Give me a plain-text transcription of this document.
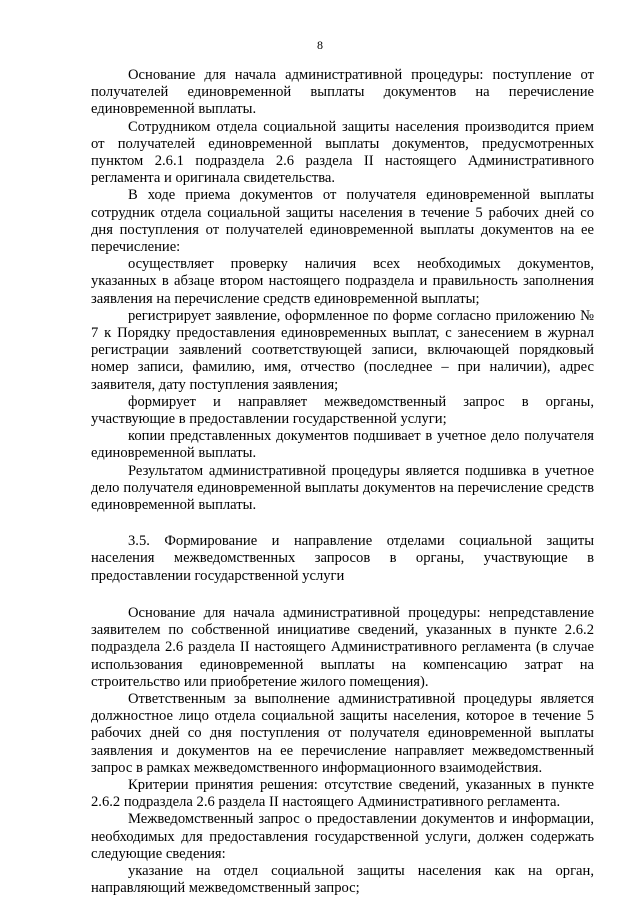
8

Основание для начала административной процедуры: поступление от получателей единовременной выплаты документов на перечисление единовременной выплаты.

Сотрудником отдела социальной защиты населения производится прием от получателей единовременной выплаты документов, предусмотренных пунктом 2.6.1 подраздела 2.6 раздела II настоящего Административного регламента и оригинала свидетельства.

В ходе приема документов от получателя единовременной выплаты сотрудник отдела социальной защиты населения в течение 5 рабочих дней со дня поступления от получателей единовременной выплаты документов на ее перечисление:

осуществляет проверку наличия всех необходимых документов, указанных в абзаце втором настоящего подраздела и правильность заполнения заявления на перечисление средств единовременной выплаты;

регистрирует заявление, оформленное по форме согласно приложению № 7 к Порядку предоставления единовременных выплат, с занесением в журнал регистрации заявлений соответствующей записи, включающей порядковый номер записи, фамилию, имя, отчество (последнее – при наличии), адрес заявителя, дату поступления заявления;

формирует и направляет межведомственный запрос в органы, участвующие в предоставлении государственной услуги;

копии представленных документов подшивает в учетное дело получателя единовременной выплаты.

Результатом административной процедуры является подшивка в учетное дело получателя единовременной выплаты документов на перечисление средств единовременной выплаты.

3.5. Формирование и направление отделами социальной защиты населения межведомственных запросов в органы, участвующие в предоставлении государственной услуги

Основание для начала административной процедуры: непредставление заявителем по собственной инициативе сведений, указанных в пункте 2.6.2 подраздела 2.6 раздела II настоящего Административного регламента (в случае использования единовременной выплаты на компенсацию затрат на строительство или приобретение жилого помещения).

Ответственным за выполнение административной процедуры является должностное лицо отдела социальной защиты населения, которое в течение 5 рабочих дней со дня поступления от получателя единовременной выплаты заявления и документов на ее перечисление направляет межведомственный запрос в рамках межведомственного информационного взаимодействия.

Критерии принятия решения: отсутствие сведений, указанных в пункте 2.6.2 подраздела 2.6 раздела II настоящего Административного регламента.

Межведомственный запрос о предоставлении документов и информации, необходимых для предоставления государственной услуги, должен содержать следующие сведения:

указание на отдел социальной защиты населения как на орган, направляющий межведомственный запрос;
